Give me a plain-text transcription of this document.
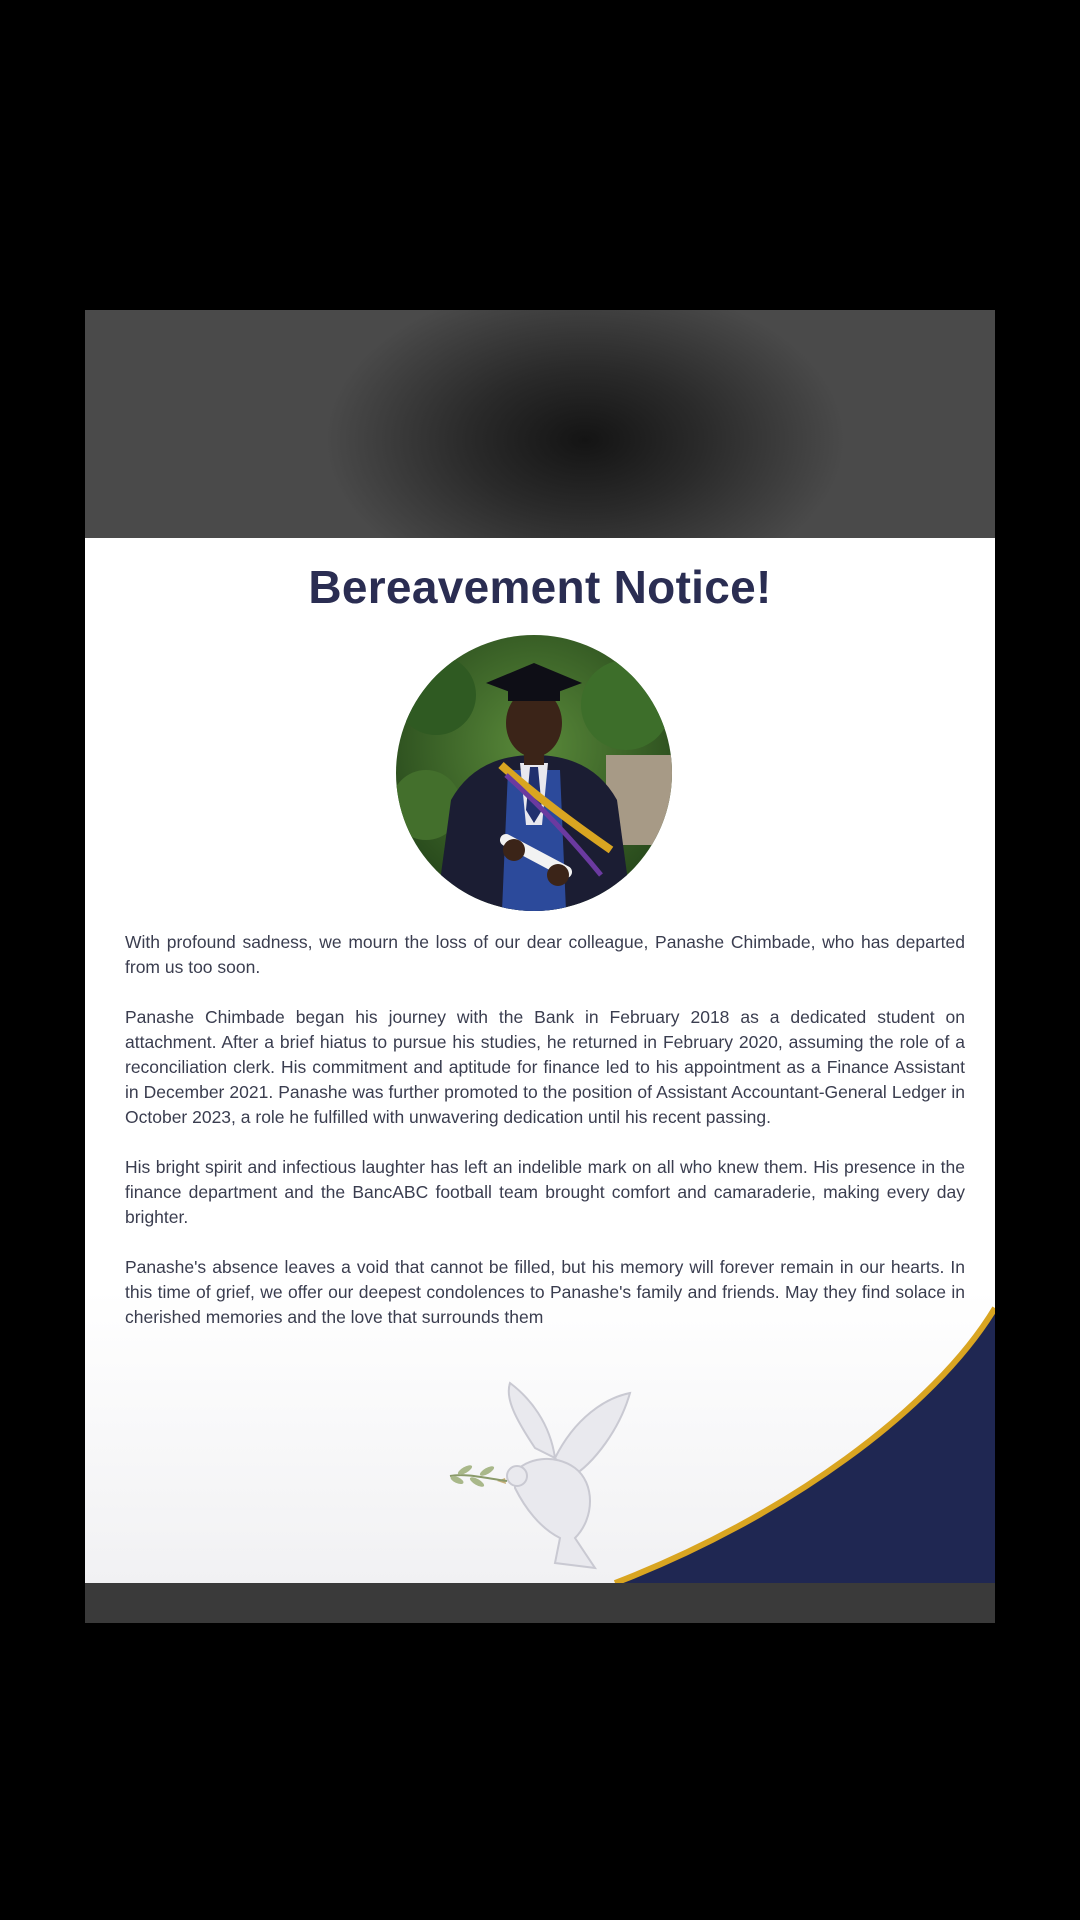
Bereavement Notice!

With profound sadness, we mourn the loss of our dear colleague, Panashe Chimbade, who has departed from us too soon.

Panashe Chimbade began his journey with the Bank in February 2018 as a dedicated student on attachment. After a brief hiatus to pursue his studies, he returned in February 2020, assuming the role of a reconciliation clerk. His commitment and aptitude for finance led to his appointment as a Finance Assistant in December 2021. Panashe was further promoted to the position of Assistant Accountant-General Ledger in October 2023, a role he fulfilled with unwavering dedication until his recent passing.

His bright spirit and infectious laughter has left an indelible mark on all who knew them. His presence in the finance department and the BancABC football team brought comfort and camaraderie, making every day brighter.

Panashe's absence leaves a void that cannot be filled, but his memory will forever remain in our hearts. In this time of grief, we offer our deepest condolences to Panashe's family and friends. May they find solace in cherished memories and the love that surrounds them
